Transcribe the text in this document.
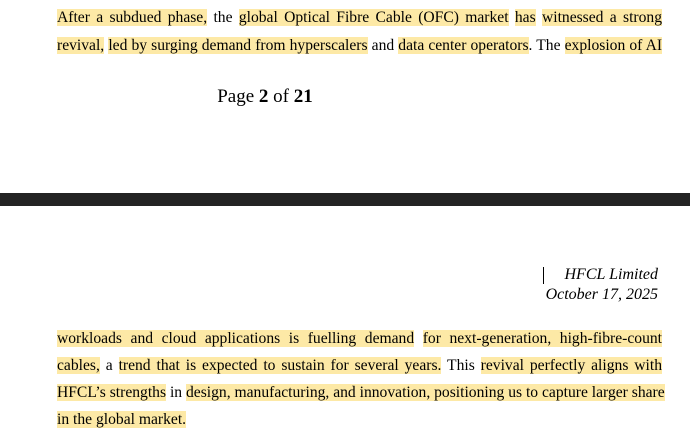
After a subdued phase, the global Optical Fibre Cable (OFC) market has witnessed a strong
revival, led by surging demand from hyperscalers and data center operators. The explosion of AI
Page 2 of 21
HFCL Limited
October 17, 2025
workloads and cloud applications is fuelling demand for next-generation, high-fibre-count
cables, a trend that is expected to sustain for several years. This revival perfectly aligns with
HFCL’s strengths in design, manufacturing, and innovation, positioning us to capture larger share
in the global market.
